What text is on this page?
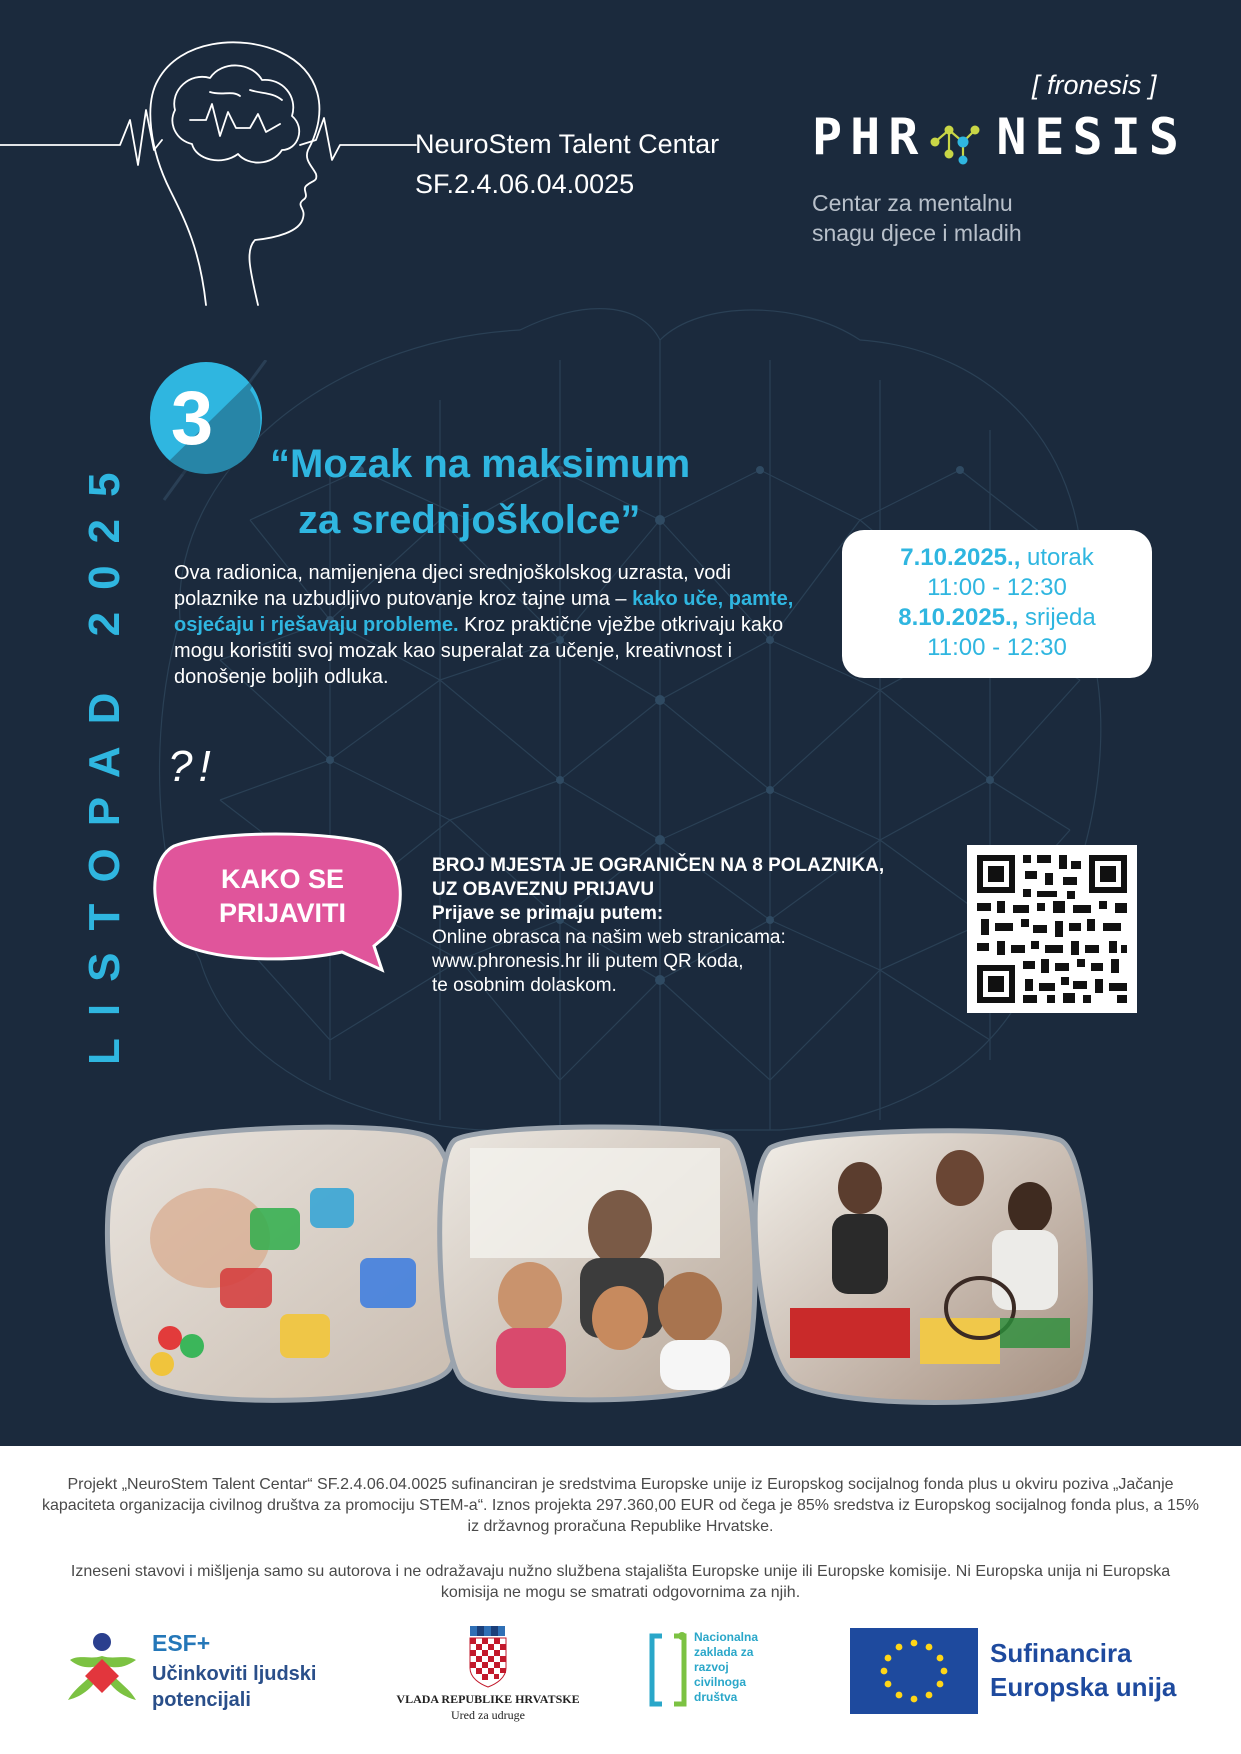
NeuroStem Talent Centar
SF.2.4.06.04.0025
[ fronesis ]
PHR NESIS
Centar za mentalnu
snagu djece i mladih
LISTOPAD 2025
3
“Mozak na maksimum
za srednjoškolce”
Ova radionica, namijenjena djeci srednjoškolskog uzrasta, vodi polaznike na uzbudljivo putovanje kroz tajne uma – kako uče, pamte, osjećaju i rješavaju probleme. Kroz praktične vježbe otkrivaju kako mogu koristiti svoj mozak kao superalat za učenje, kreativnost i donošenje boljih odluka.
7.10.2025., utorak
11:00 - 12:30
8.10.2025., srijeda
11:00 - 12:30
?!
KAKO SE
PRIJAVITI
BROJ MJESTA JE OGRANIČEN NA 8 POLAZNIKA,
UZ OBAVEZNU PRIJAVU
Prijave se primaju putem:
Online obrasca na našim web stranicama:
www.phronesis.hr ili putem QR koda,
te osobnim dolaskom.
Projekt „NeuroStem Talent Centar“ SF.2.4.06.04.0025 sufinanciran je sredstvima Europske unije iz Europskog socijalnog fonda plus u okviru poziva „Jačanje kapaciteta organizacija civilnog društva za promociju STEM-a“. Iznos projekta 297.360,00 EUR od čega je 85% sredstva iz Europskog socijalnog fonda plus, a 15% iz državnog proračuna Republike Hrvatske.
Izneseni stavovi i mišljenja samo su autorova i ne odražavaju nužno službena stajališta Europske unije ili Europske komisije. Ni Europska unija ni Europska komisija ne mogu se smatrati odgovornima za njih.
ESF+
Učinkoviti ljudski
potencijali	VLADA REPUBLIKE HRVATSKE
Ured za udruge
Nacionalna
zaklada za
razvoj
civilnoga
društva
Sufinancira
Europska unija
